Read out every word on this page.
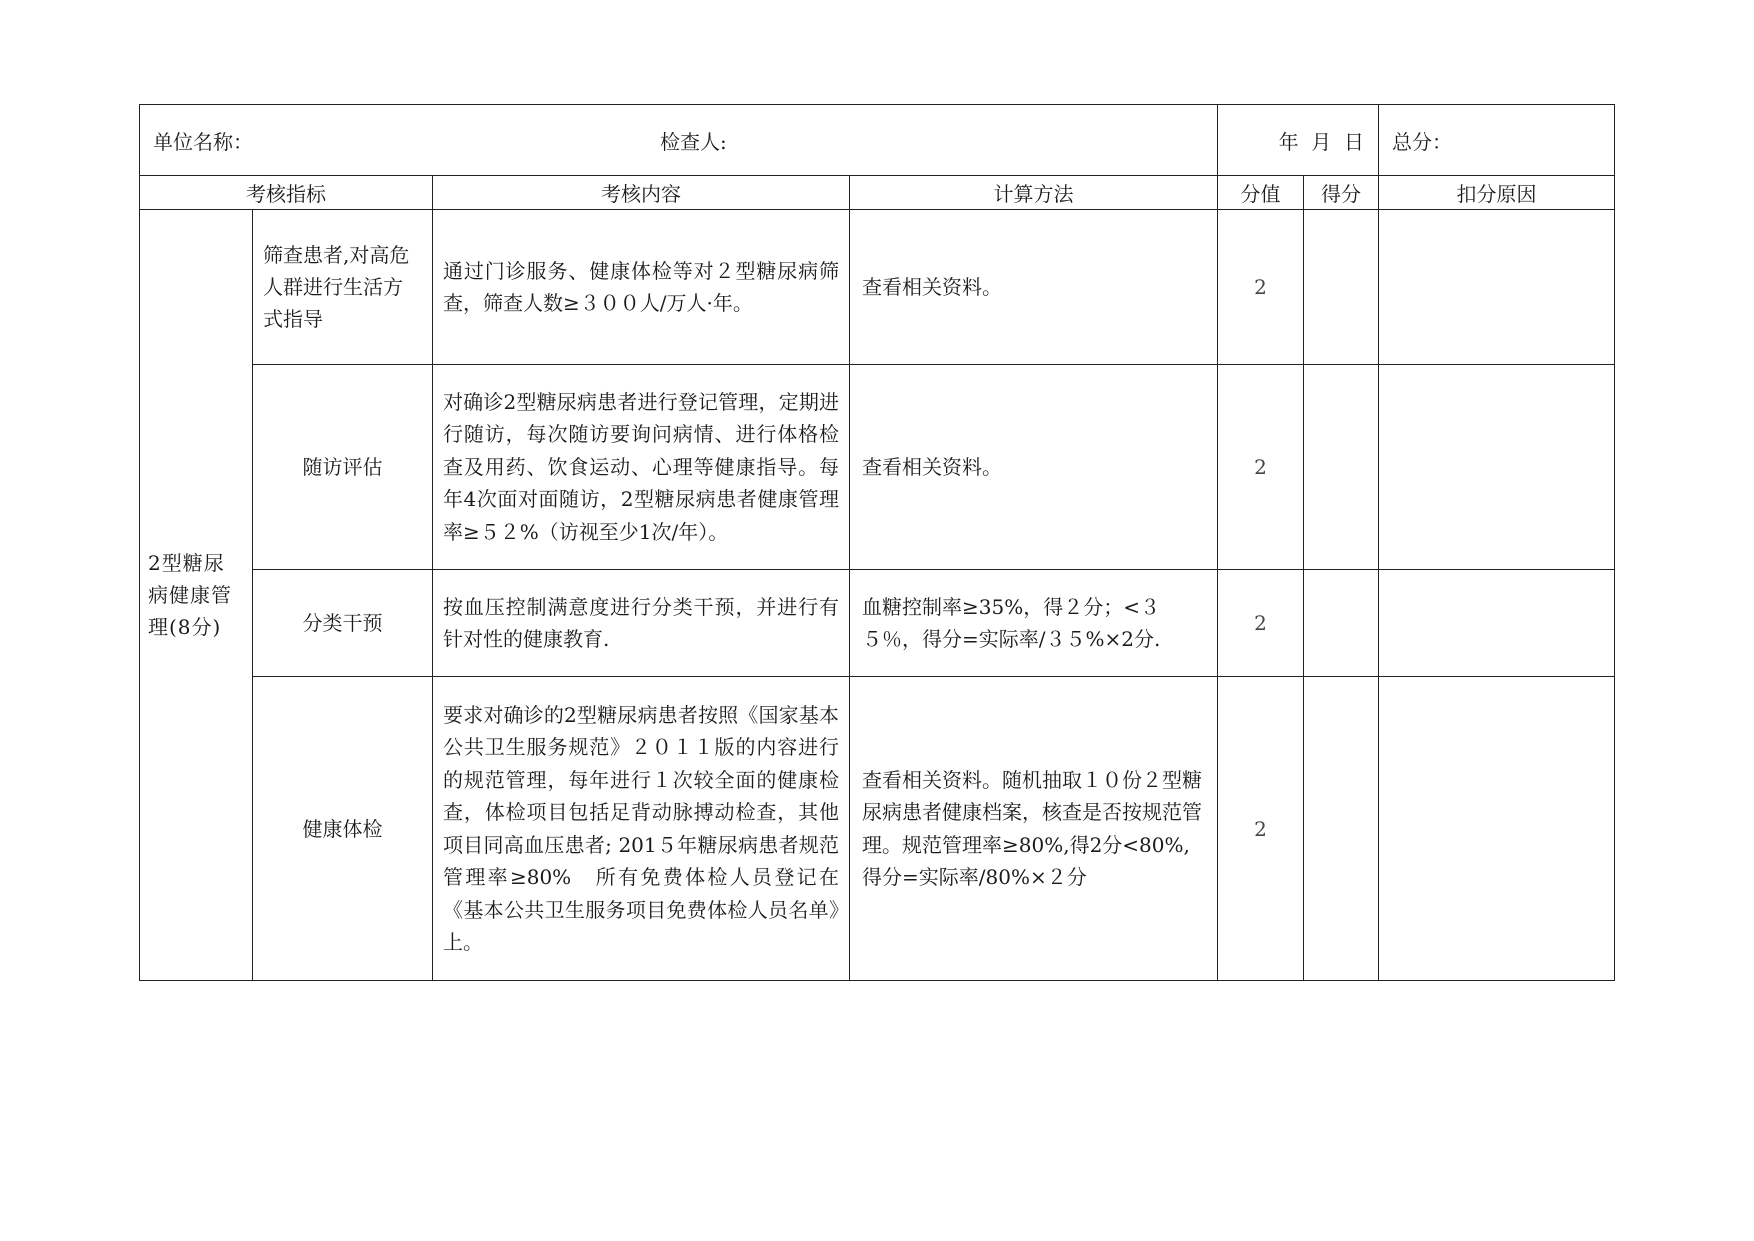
单位名称： 检查人:				年  月  日		总分：
考核指标		考核内容	计算方法	分值	得分	扣分原因
2型糖尿病健康管理(8分)	筛查患者,对高危人群进行生活方式指导	通过门诊服务、健康体检等对２型糖尿病筛查，筛查人数≥３００人/万人·年。	查看相关资料。	2		
	随访评估	对确诊2型糖尿病患者进行登记管理，定期进行随访，每次随访要询问病情、进行体格检查及用药、饮食运动、心理等健康指导。每年4次面对面随访，2型糖尿病患者健康管理率≥５２%（访视至少1次/年）。	查看相关资料。	2		
	分类干预	按血压控制满意度进行分类干预，并进行有针对性的健康教育.	血糖控制率≥35%，得２分；<３５％，得分=实际率/３５%×2分.	2		
	健康体检	要求对确诊的2型糖尿病患者按照《国家基本公共卫生服务规范》２０１１版的内容进行的规范管理，每年进行１次较全面的健康检查，体检项目包括足背动脉搏动检查，其他项目同高血压患者; 201５年糖尿病患者规范管理率≥80%　所有免费体检人员登记在《基本公共卫生服务项目免费体检人员名单》上。	查看相关资料。随机抽取１０份２型糖尿病患者健康档案，核查是否按规范管理。规范管理率≥80%,得2分<80%,得分=实际率/80%×２分	2		
